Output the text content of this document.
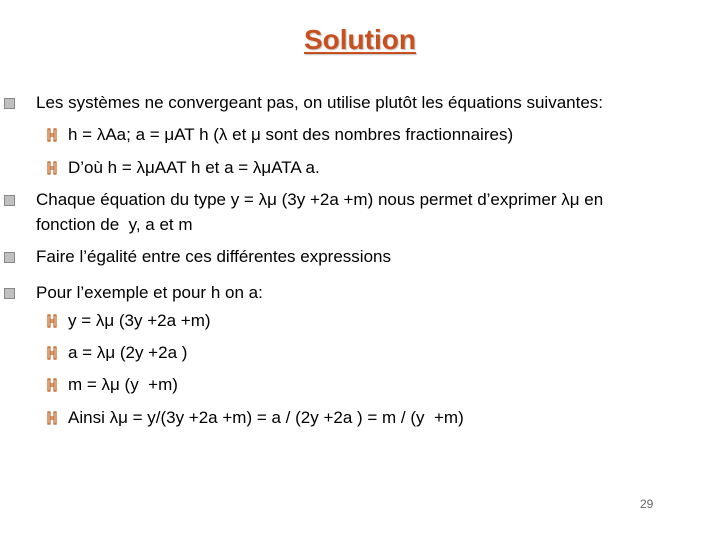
Solution
Les systèmes ne convergeant pas, on utilise plutôt les équations suivantes:
h = λAa; a = μAT h (λ et μ sont des nombres fractionnaires)
D’où h = λμAAT h et a = λμATA a.
Chaque équation du type y = λμ (3y +2a +m) nous permet d’exprimer λμ en
fonction de  y, a et m
Faire l’égalité entre ces différentes expressions
Pour l’exemple et pour h on a:
y = λμ (3y +2a +m)
a = λμ (2y +2a )
m = λμ (y  +m)
Ainsi λμ = y/(3y +2a +m) = a / (2y +2a ) = m / (y  +m)
29
